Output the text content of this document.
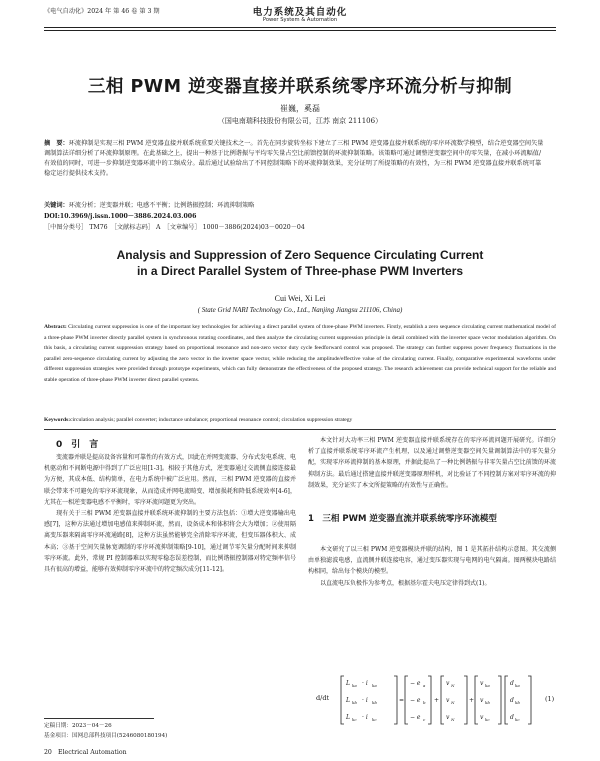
《电气自动化》2024 年 第 46 卷 第 3 期	电力系统及其自动化
Power System & Automation
三相 PWM 逆变器直接并联系统零序环流分析与抑制
崔巍，奚磊
（国电南瑞科技股份有限公司，江苏 南京 211106）
摘　要：环流抑制是实现三相 PWM 逆变器直接并联系统重要关键技术之一。首先在同步旋转坐标下建立了三相 PWM 逆变器直接并联系统的零序环流数学模型，结合逆变器空间矢量调制算法详细分析了环流抑制原理。在此基础之上，提出一种基于比例谐振与平均零矢量占空比前馈控制的环流抑制策略。该策略可通过调整逆变器空间中的零矢量，在减小环流幅值/有效值的同时，可进一步抑制逆变器环流中的工频成分。最后通过试验给出了不同控制策略下的环流抑制效果，充分证明了所提策略的有效性，为三相 PWM 逆变器直接并联系统可靠稳定运行提供技术支持。
关键词：环流分析；逆变器并联；电感不平衡；比例谐振控制；环流抑制策略
DOI:10.3969/j.issn.1000－3886.2024.03.006
［中图分类号］ TM76　［文献标志码］ A　［文章编号］ 1000－3886(2024)03－0020－04
Analysis and Suppression of Zero Sequence Circulating Current
in a Direct Parallel System of Three-phase PWM Inverters
Cui Wei, Xi Lei
( State Grid NARI Technology Co., Ltd., Nanjing Jiangsu 211106, China)
Abstract: Circulating current suppression is one of the important key technologies for achieving a direct parallel system of three-phase PWM inverters. Firstly, establish a zero sequence circulating current mathematical model of a three-phase PWM inverter directly parallel system in synchronous rotating coordinates, and then analyze the circulating current suppression principle in detail combined with the inverter space vector modulation algorithm. On this basis, a circulating current suppression strategy based on proportional resonance and non-zero vector duty cycle feedforward control was proposed. The strategy can further suppress power frequency fluctuations in the parallel zero-sequence circulating current by adjusting the zero vector in the inverter space vector, while reducing the amplitude/effective value of the circulating current. Finally, comparative experimental waveforms under different suppression strategies were provided through prototype experiments, which can fully demonstrate the effectiveness of the proposed strategy. The research achievement can provide technical support for the reliable and stable operation of three-phase PWM inverter direct parallel systems.
Keywords:circulation analysis; parallel converter; inductance unbalance; proportional resonance control; circulation suppression strategy
0　引　言
变流器并联是提高设备容量和可靠性的有效方式，因此在并网变流器、分布式发电系统、电机驱动和不间断电源中得到了广泛应用[1-3]。相较于其他方式，逆变器通过交流侧直接连接最为方便，其成本低、结构简单，在电力系统中被广泛应用。然而，三相 PWM 逆变器的直接并联会带来不可避免的零序环流现象，从而造成并网电流畸变、增加损耗和降低系统效率[4-6]，尤其在一相逆变器电感不平衡时，零序环流问题更为突出。
　　现有关于三相 PWM 逆变器直接并联系统环流抑制的主要方法包括：①增大逆变器输出电感[7]，这种方法通过增加电感值来抑制环流，然而，设备成本和体积将会大为增加；②使用隔离变压器来隔离零序环流通路[8]，这种方法虽然能够完全消除零序环流，但变压器体积大、成本高；③基于空间矢量脉宽调制的零序环流抑制策略[9-10]，通过调节零矢量分配时间来抑制零序环流。此外，常规 PI 控制器难以实现零稳态误差控制，而比例谐振控制器对特定频率信号具有很高的增益，能够有效抑制零序环流中的特定频次成分[11-12]。
定稿日期：2023－04－26
基金项目：国网总部科技项目(5246080180194)
20　Electrical Automation
本文针对大功率三相 PWM 逆变器直接并联系统存在的零序环流问题开展研究。详细分析了直接并联系统零序环流产生机理，以及通过调整逆变器空间矢量调制算法中的零矢量分配，实现零序环流抑制的基本原理，并据此提出了一种比例谐振与非零矢量占空比前馈的环流抑制方法。最后通过搭建直接并联逆变器原理样机，对比验证了不同控制方案对零序环流的抑制效果，充分证实了本文所提策略的有效性与正确性。
1　三相 PWM 逆变器直流并联系统零序环流模型
本文研究了以三相 PWM 逆变器模块并联的结构，图 1 是其拓扑结构示意图。其交流侧由单独滤波电感，直流侧并联连接电容，通过变压器实现与电网的电气隔离。图两模块电路结构相同，给出每个模块的模型。
　　以直流电压负极作为参考点，根据基尔霍夫电压定律得到式(1)。
d/dt
L ka · i ka
L kb · i kb
L kc · i kc
=
− e
− e
− e
a
b
c
+
v
v
v
N
N
N
+
v
v
v
ka
kb
kc
d
d
d
ka
kb
kc
(1)
